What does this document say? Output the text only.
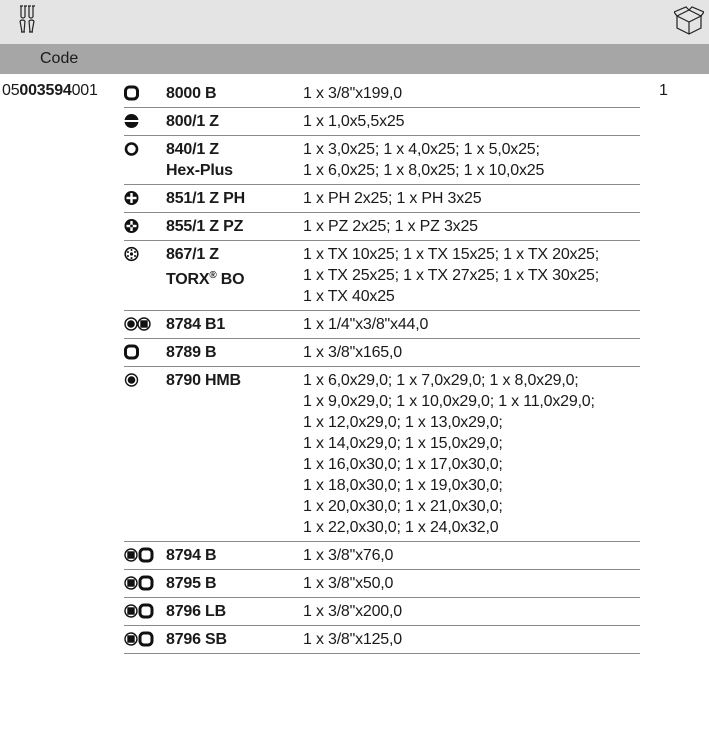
Code
05003594001	1
8000 B	1 x 3/8"x199,0
800/1 Z	1 x 1,0x5,5x25
840/1 Z
Hex-Plus
1 x 3,0x25; 1 x 4,0x25; 1 x 5,0x25;
1 x 6,0x25; 1 x 8,0x25; 1 x 10,0x25
851/1 Z PH	1 x PH 2x25; 1 x PH 3x25
855/1 Z PZ	1 x PZ 2x25; 1 x PZ 3x25
867/1 Z
TORX® BO
1 x TX 10x25; 1 x TX 15x25; 1 x TX 20x25;
1 x TX 25x25; 1 x TX 27x25; 1 x TX 30x25;
1 x TX 40x25
8784 B1	1 x 1/4"x3/8"x44,0
8789 B	1 x 3/8"x165,0
8790 HMB	1 x 6,0x29,0; 1 x 7,0x29,0; 1 x 8,0x29,0;
1 x 9,0x29,0; 1 x 10,0x29,0; 1 x 11,0x29,0;
1 x 12,0x29,0; 1 x 13,0x29,0;
1 x 14,0x29,0; 1 x 15,0x29,0;
1 x 16,0x30,0; 1 x 17,0x30,0;
1 x 18,0x30,0; 1 x 19,0x30,0;
1 x 20,0x30,0; 1 x 21,0x30,0;
1 x 22,0x30,0; 1 x 24,0x32,0
8794 B	1 x 3/8"x76,0
8795 B	1 x 3/8"x50,0
8796 LB	1 x 3/8"x200,0
8796 SB	1 x 3/8"x125,0
